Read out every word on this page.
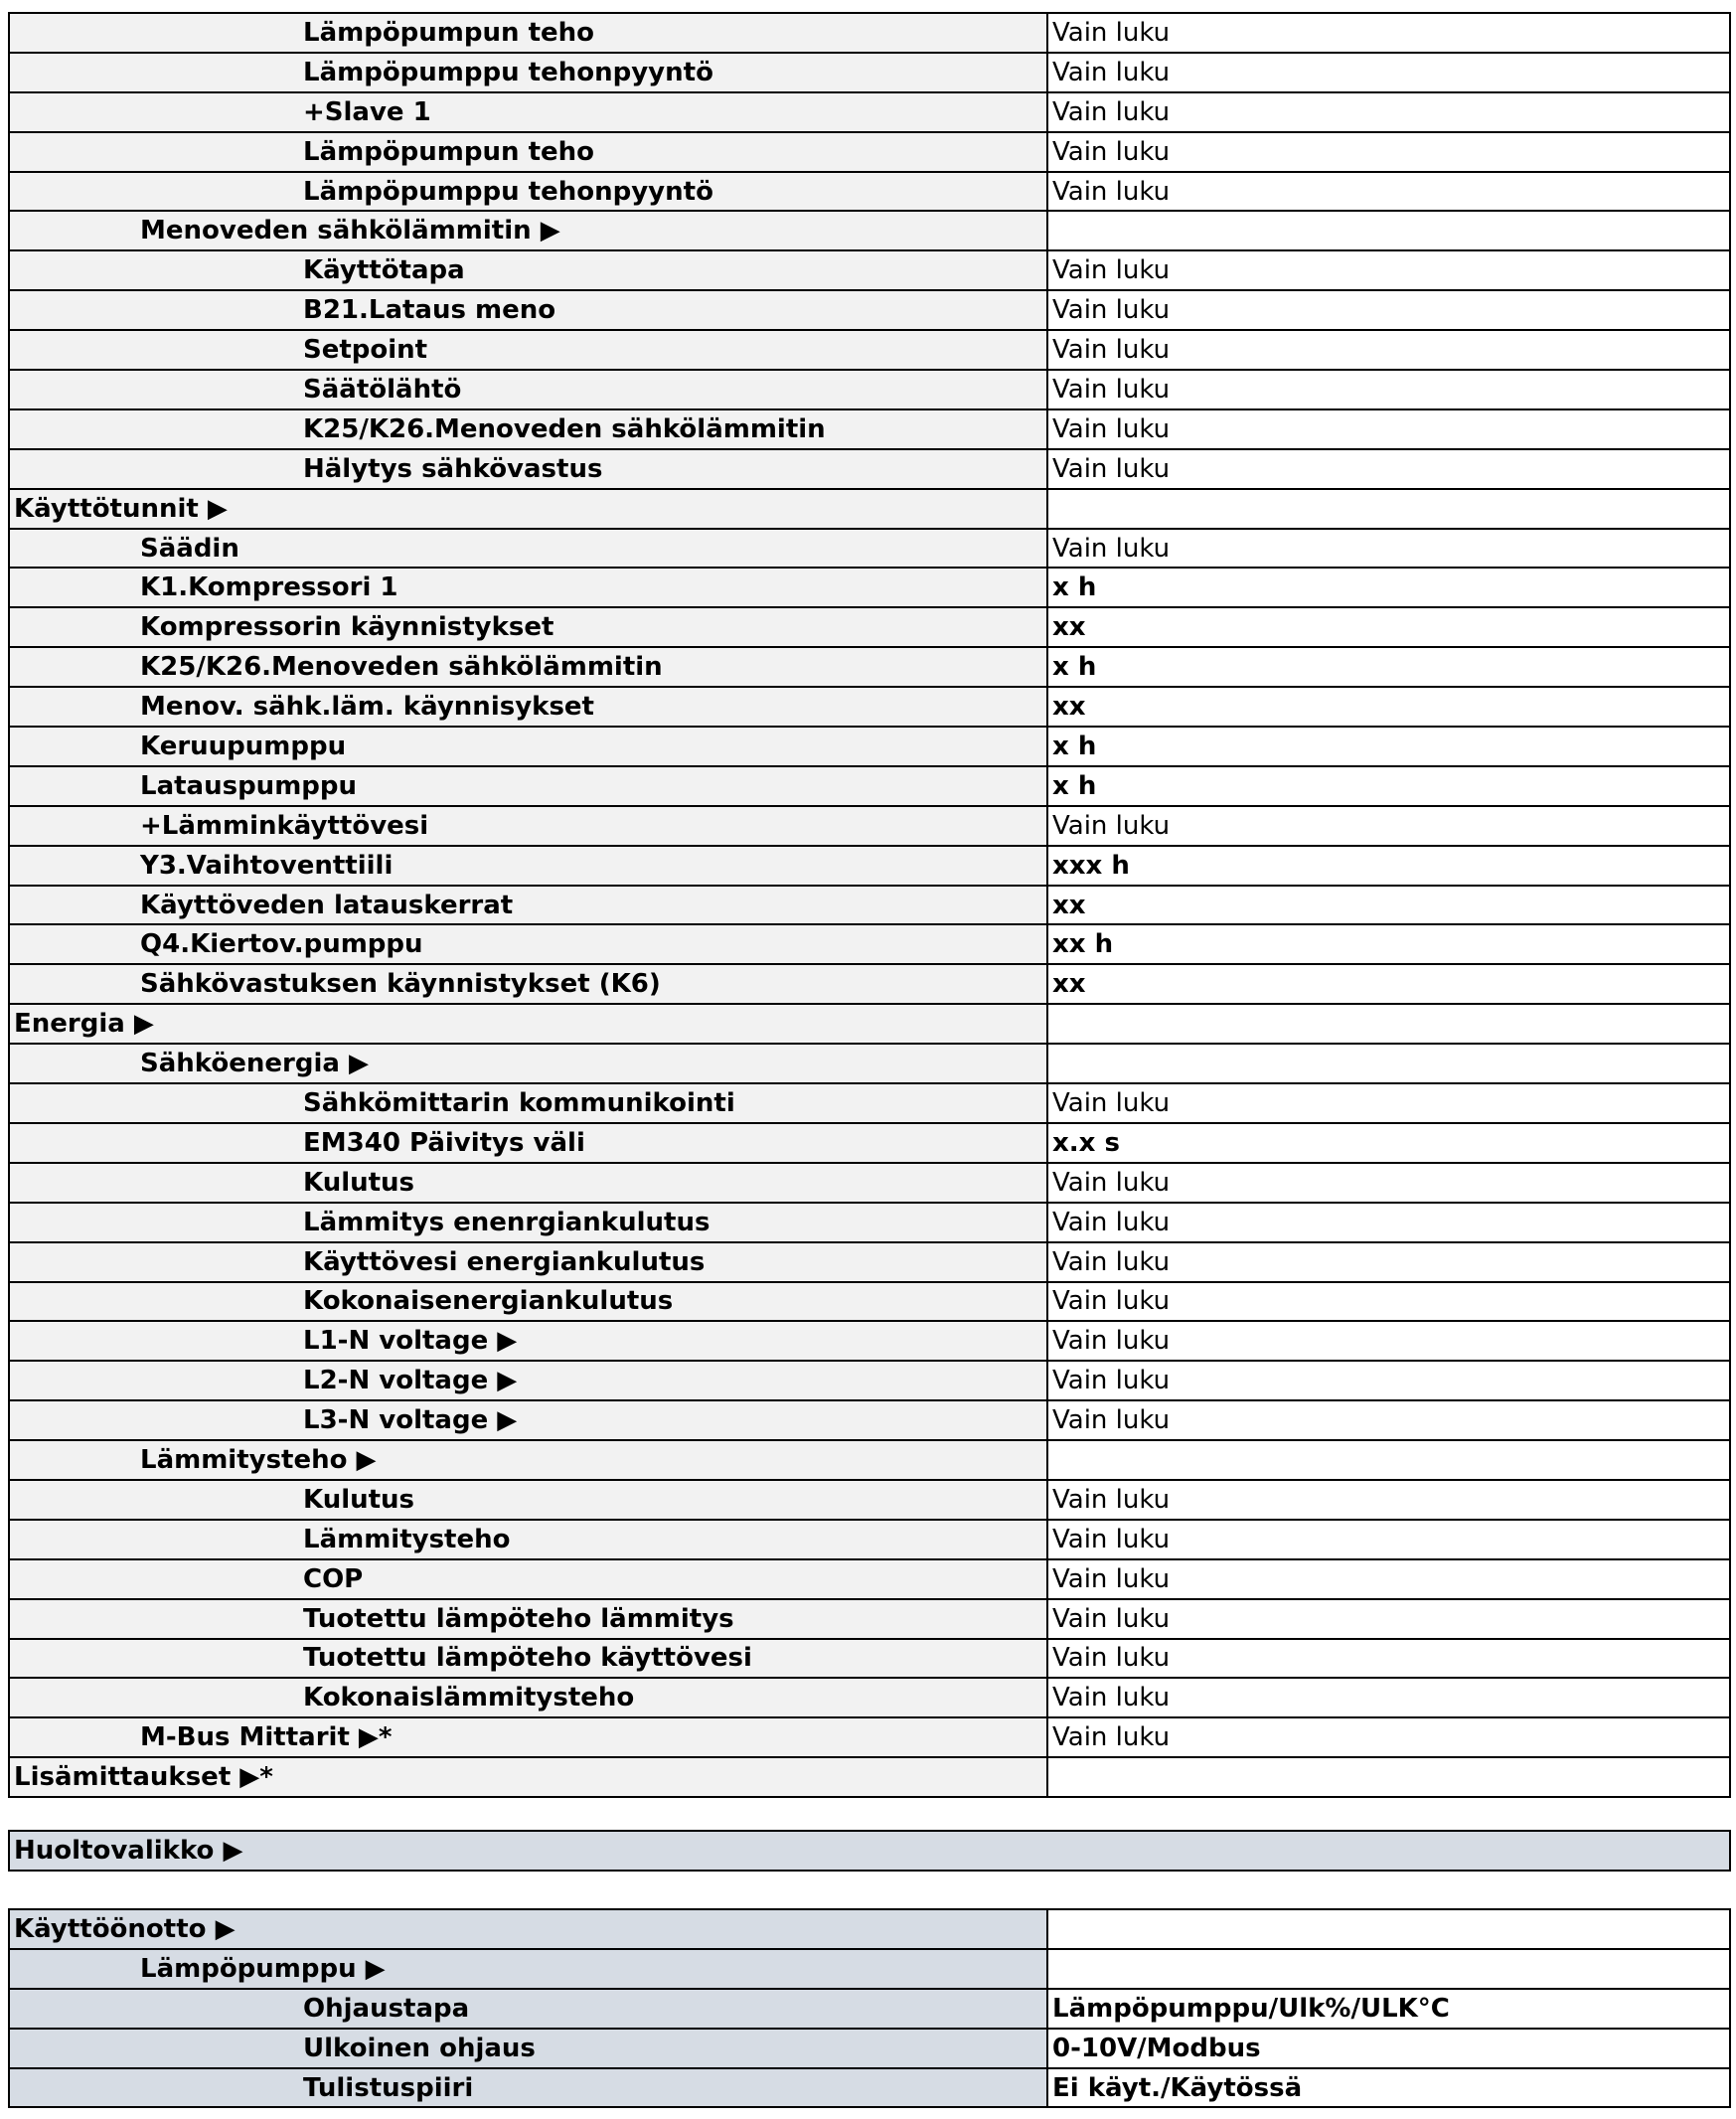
Lämpöpumpun teho	Vain luku
Lämpöpumppu tehonpyyntö	Vain luku
+Slave 1	Vain luku
Lämpöpumpun teho	Vain luku
Lämpöpumppu tehonpyyntö	Vain luku
Menoveden sähkölämmitin ▶	
Käyttötapa	Vain luku
B21.Lataus meno	Vain luku
Setpoint	Vain luku
Säätölähtö	Vain luku
K25/K26.Menoveden sähkölämmitin	Vain luku
Hälytys sähkövastus	Vain luku
Käyttötunnit ▶	
Säädin	Vain luku
K1.Kompressori 1	x h
Kompressorin käynnistykset	xx
K25/K26.Menoveden sähkölämmitin	x h
Menov. sähk.läm. käynnisykset	xx
Keruupumppu	x h
Latauspumppu	x h
+Lämminkäyttövesi	Vain luku
Y3.Vaihtoventtiili	xxx h
Käyttöveden latauskerrat	xx
Q4.Kiertov.pumppu	xx h
Sähkövastuksen käynnistykset (K6)	xx
Energia ▶	
Sähköenergia ▶	
Sähkömittarin kommunikointi	Vain luku
EM340 Päivitys väli	x.x s
Kulutus	Vain luku
Lämmitys enenrgiankulutus	Vain luku
Käyttövesi energiankulutus	Vain luku
Kokonaisenergiankulutus	Vain luku
L1-N voltage ▶	Vain luku
L2-N voltage ▶	Vain luku
L3-N voltage ▶	Vain luku
Lämmitysteho ▶	
Kulutus	Vain luku
Lämmitysteho	Vain luku
COP	Vain luku
Tuotettu lämpöteho lämmitys	Vain luku
Tuotettu lämpöteho käyttövesi	Vain luku
Kokonaislämmitysteho	Vain luku
M-Bus Mittarit ▶*	Vain luku
Lisämittaukset ▶*	
Huoltovalikko ▶
Käyttöönotto ▶	
Lämpöpumppu ▶	
Ohjaustapa	Lämpöpumppu/Ulk%/ULK°C
Ulkoinen ohjaus	0-10V/Modbus
Tulistuspiiri	Ei käyt./Käytössä
